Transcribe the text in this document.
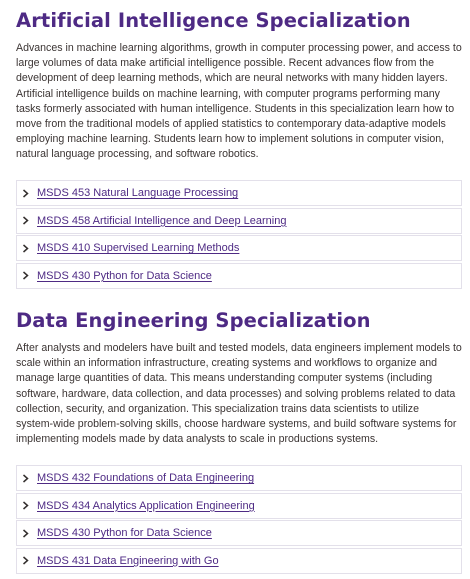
Artificial Intelligence Specialization

Advances in machine learning algorithms, growth in computer processing power, and access to
large volumes of data make artificial intelligence possible. Recent advances flow from the
development of deep learning methods, which are neural networks with many hidden layers.
Artificial intelligence builds on machine learning, with computer programs performing many
tasks formerly associated with human intelligence. Students in this specialization learn how to
move from the traditional models of applied statistics to contemporary data-adaptive models
employing machine learning. Students learn how to implement solutions in computer vision,
natural language processing, and software robotics.

MSDS 453 Natural Language Processing
MSDS 458 Artificial Intelligence and Deep Learning
MSDS 410 Supervised Learning Methods
MSDS 430 Python for Data Science
Data Engineering Specialization

After analysts and modelers have built and tested models, data engineers implement models to
scale within an information infrastructure, creating systems and workflows to organize and
manage large quantities of data. This means understanding computer systems (including
software, hardware, data collection, and data processes) and solving problems related to data
collection, security, and organization. This specialization trains data scientists to utilize
system-wide problem-solving skills, choose hardware systems, and build software systems for
implementing models made by data analysts to scale in productions systems.

MSDS 432 Foundations of Data Engineering
MSDS 434 Analytics Application Engineering
MSDS 430 Python for Data Science
MSDS 431 Data Engineering with Go
